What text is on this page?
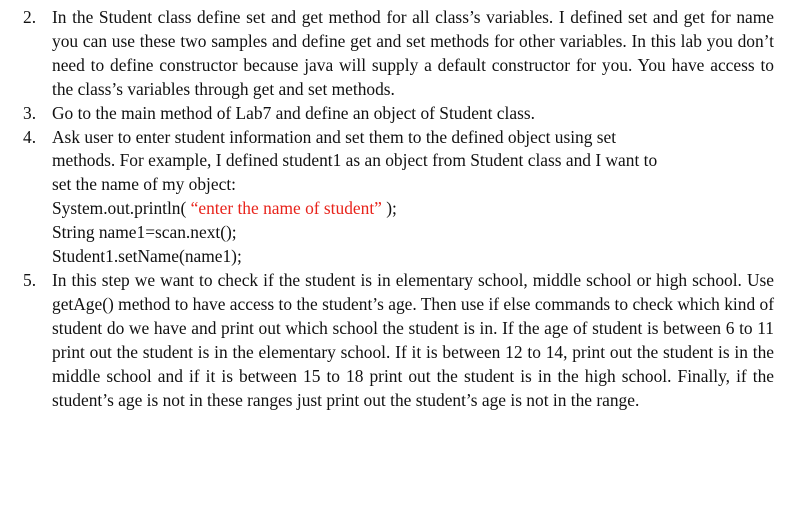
2. In the Student class define set and get method for all class’s variables. I defined set and get for name you can use these two samples and define get and set methods for other variables. In this lab you don’t need to define constructor because java will supply a default constructor for you. You have access to the class’s variables through get and set methods.
3. Go to the main method of Lab7 and define an object of Student class.
4. Ask user to enter student information and set them to the defined object using set
methods. For example, I defined student1 as an object from Student class and I want to
set the name of my object:
System.out.println( “enter the name of student” );
String name1=scan.next();
Student1.setName(name1);
5. In this step we want to check if the student is in elementary school, middle school or high school. Use getAge() method to have access to the student’s age. Then use if else commands to check which kind of student do we have and print out which school the student is in. If the age of student is between 6 to 11 print out the student is in the elementary school. If it is between 12 to 14, print out the student is in the middle school and if it is between 15 to 18 print out the student is in the high school. Finally, if the student’s age is not in these ranges just print out the student’s age is not in the range.
